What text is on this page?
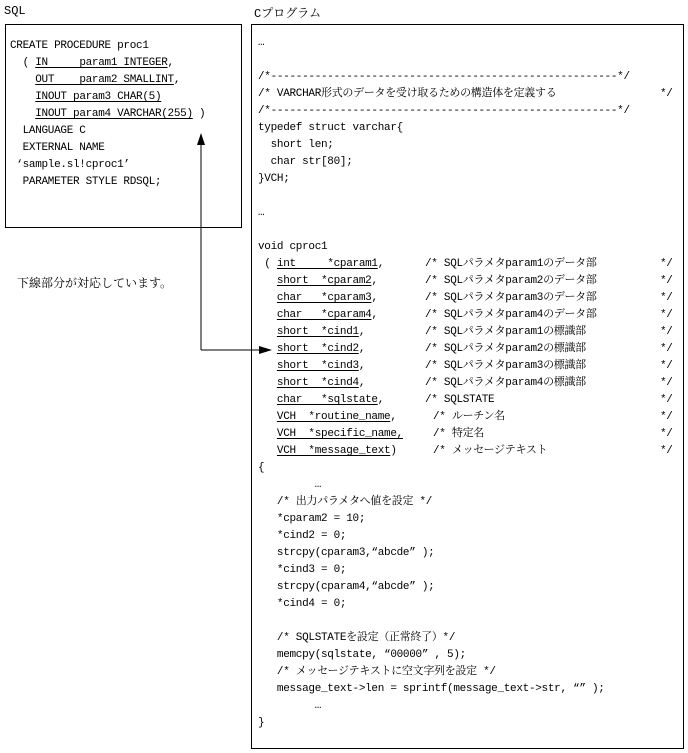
SQL
CREATE PROCEDURE proc1
( IN     param1 INTEGER,
OUT    param2 SMALLINT,
INOUT param3 CHAR(5)
INOUT param4 VARCHAR(255) )
LANGUAGE C
EXTERNAL NAME
‘sample.sl!cproc1’
PARAMETER STYLE RDSQL;
Cプログラム
…
/*-------------------------------------------------------*/
/* VARCHAR形式のデータを受け取るための構造体を定義する	*/
/*-------------------------------------------------------*/
typedef struct varchar{
short len;
char str[80];
}VCH;
…
void cproc1
( int     *cparam1,	/* SQLパラメタparam1のデータ部	*/
short  *cparam2,	/* SQLパラメタparam2のデータ部	*/
char   *cparam3,	/* SQLパラメタparam3のデータ部	*/
char   *cparam4,	/* SQLパラメタparam4のデータ部	*/
short  *cind1,	/* SQLパラメタparam1の標識部	*/
short  *cind2,	/* SQLパラメタparam2の標識部	*/
short  *cind3,	/* SQLパラメタparam3の標識部	*/
short  *cind4,	/* SQLパラメタparam4の標識部	*/
char   *sqlstate,	/* SQLSTATE	*/
VCH  *routine_name,	/* ルーチン名	*/
VCH  *specific_name,	/* 特定名	*/
VCH  *message_text)	/* メッセージテキスト	*/
{
…
/* 出力パラメタへ値を設定 */
*cparam2 = 10;
*cind2 = 0;
strcpy(cparam3,“abcde” );
*cind3 = 0;
strcpy(cparam4,“abcde” );
*cind4 = 0;
/* SQLSTATEを設定（正常終了）*/
memcpy(sqlstate, “00000” , 5);
/* メッセージテキストに空文字列を設定 */
message_text->len = sprintf(message_text->str, “” );
…
}
下線部分が対応しています。
